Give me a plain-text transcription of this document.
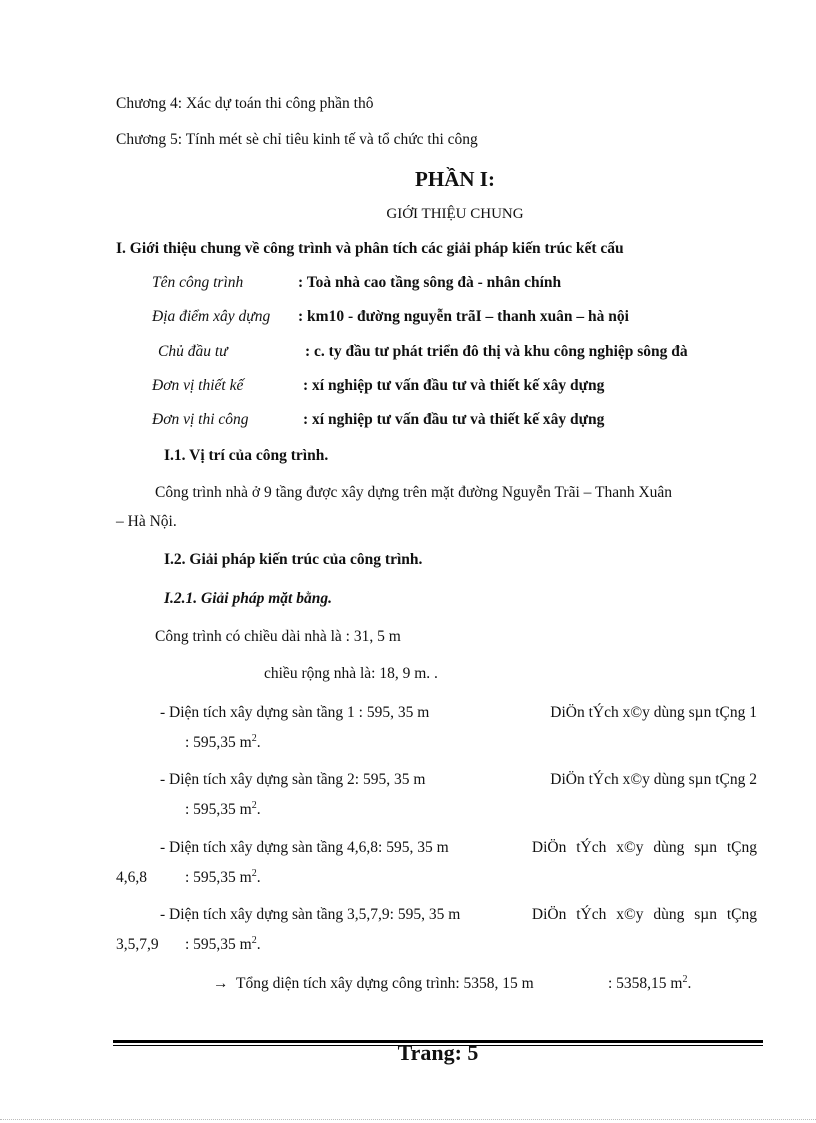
Chương 4: Xác dự toán thi công phần thô
Chương 5: Tính mét sè chỉ tiêu kinh tế và tổ chức thi công
PHẦN I:
GIỚI THIỆU CHUNG
I. Giới thiệu chung về công trình và phân tích các giải pháp kiến trúc kết cấu
Tên công trình	: Toà nhà cao tầng sông đà - nhân chính
Địa điểm xây dựng : km10 - đường nguyễn trãI – thanh xuân – hà nội
Chủ đầu tư	: c. ty đầu tư phát triển đô thị và khu công nghiệp sông đà
Đơn vị thiết kế	: xí nghiệp tư vấn đầu tư và thiết kế xây dựng
Đơn vị thi công	: xí nghiệp tư vấn đầu tư và thiết kế xây dựng
I.1. Vị trí của công trình.
Công trình nhà ở 9 tầng được xây dựng trên mặt đường Nguyễn Trãi – Thanh Xuân
– Hà Nội.
I.2. Giải pháp kiến trúc của công trình.
I.2.1. Giải pháp mặt bằng.
Công trình có chiều dài nhà là : 31, 5 m
chiều rộng nhà là: 18, 9 m. .
- Diện tích xây dựng sàn tầng 1 : 595, 35 m	DiÖn tÝch x©y dùng sµn tÇng 1
: 595,35 $m^2$.
- Diện tích xây dựng sàn tầng 2: 595, 35 m	DiÖn tÝch x©y dùng sµn tÇng 2
: 595,35 $m^2$.
- Diện tích xây dựng sàn tầng 4,6,8: 595, 35 m	DiÖn tÝch x©y dùng sµn tÇng
4,6,8 : 595,35 $m^2$.
- Diện tích xây dựng sàn tầng 3,5,7,9: 595, 35 m	DiÖn tÝch x©y dùng sµn tÇng
3,5,7,9 : 595,35 $m^2$.
→ Tổng diện tích xây dựng công trình: 5358, 15 m	: 5358,15 $m^2$.
Trang: 5
